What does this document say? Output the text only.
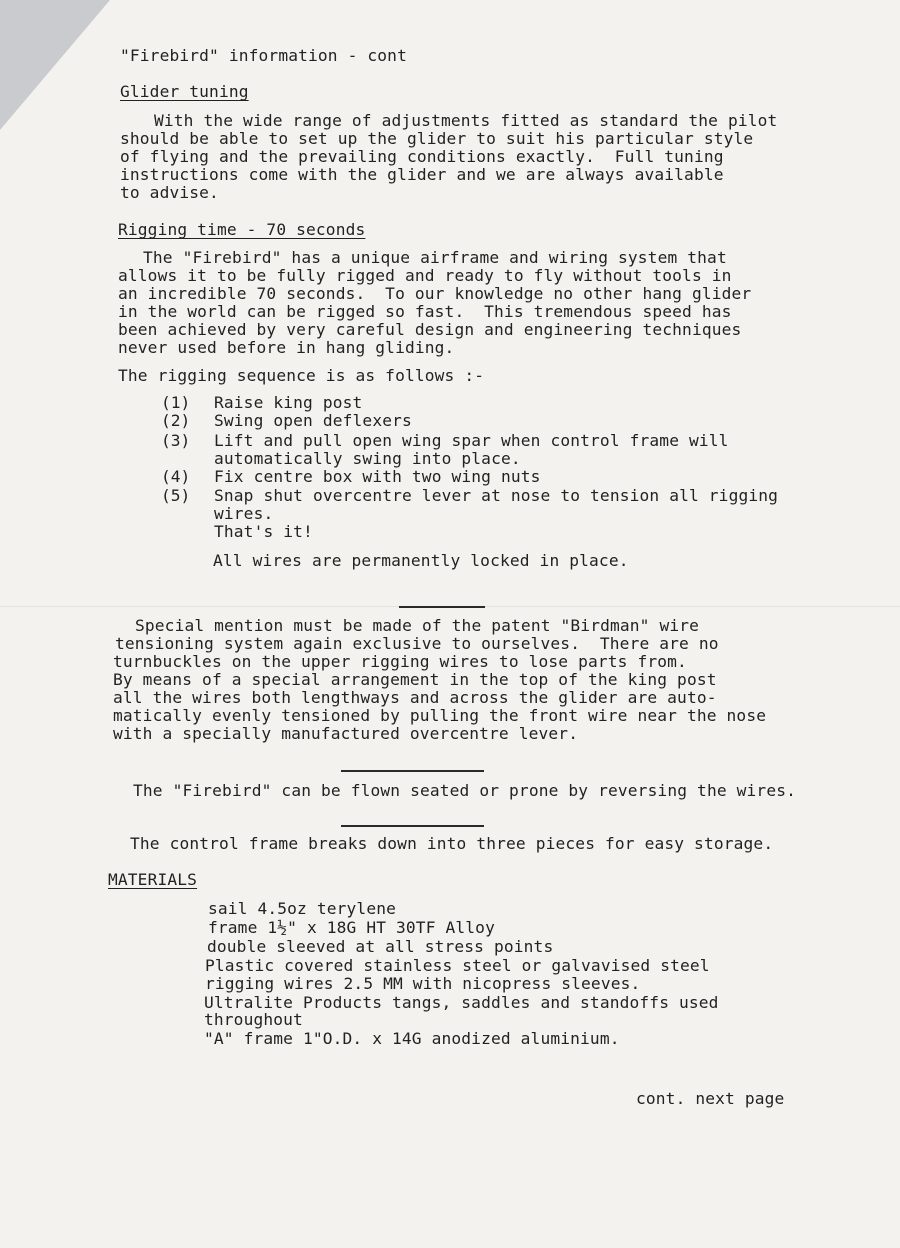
"Firebird" information - cont
Glider tuning
With the wide range of adjustments fitted as standard the pilot
should be able to set up the glider to suit his particular style
of flying and the prevailing conditions exactly.  Full tuning
instructions come with the glider and we are always available
to advise.
Rigging time - 70 seconds
The "Firebird" has a unique airframe and wiring system that
allows it to be fully rigged and ready to fly without tools in
an incredible 70 seconds.  To our knowledge no other hang glider
in the world can be rigged so fast.  This tremendous speed has
been achieved by very careful design and engineering techniques
never used before in hang gliding.
The rigging sequence is as follows :-
(1) Raise king post
(2) Swing open deflexers
(3) Lift and pull open wing spar when control frame will
automatically swing into place.
(4) Fix centre box with two wing nuts
(5) Snap shut overcentre lever at nose to tension all rigging
wires.
That's it!
All wires are permanently locked in place.
Special mention must be made of the patent "Birdman" wire
tensioning system again exclusive to ourselves.  There are no
turnbuckles on the upper rigging wires to lose parts from.
By means of a special arrangement in the top of the king post
all the wires both lengthways and across the glider are auto-
matically evenly tensioned by pulling the front wire near the nose
with a specially manufactured overcentre lever.
The "Firebird" can be flown seated or prone by reversing the wires.
The control frame breaks down into three pieces for easy storage.
MATERIALS
sail 4.5oz terylene
frame 1½" x 18G HT 30TF Alloy
double sleeved at all stress points
Plastic covered stainless steel or galvavised steel
rigging wires 2.5 MM with nicopress sleeves.
Ultralite Products tangs, saddles and standoffs used
throughout
"A" frame 1"O.D. x 14G anodized aluminium.
cont. next page
